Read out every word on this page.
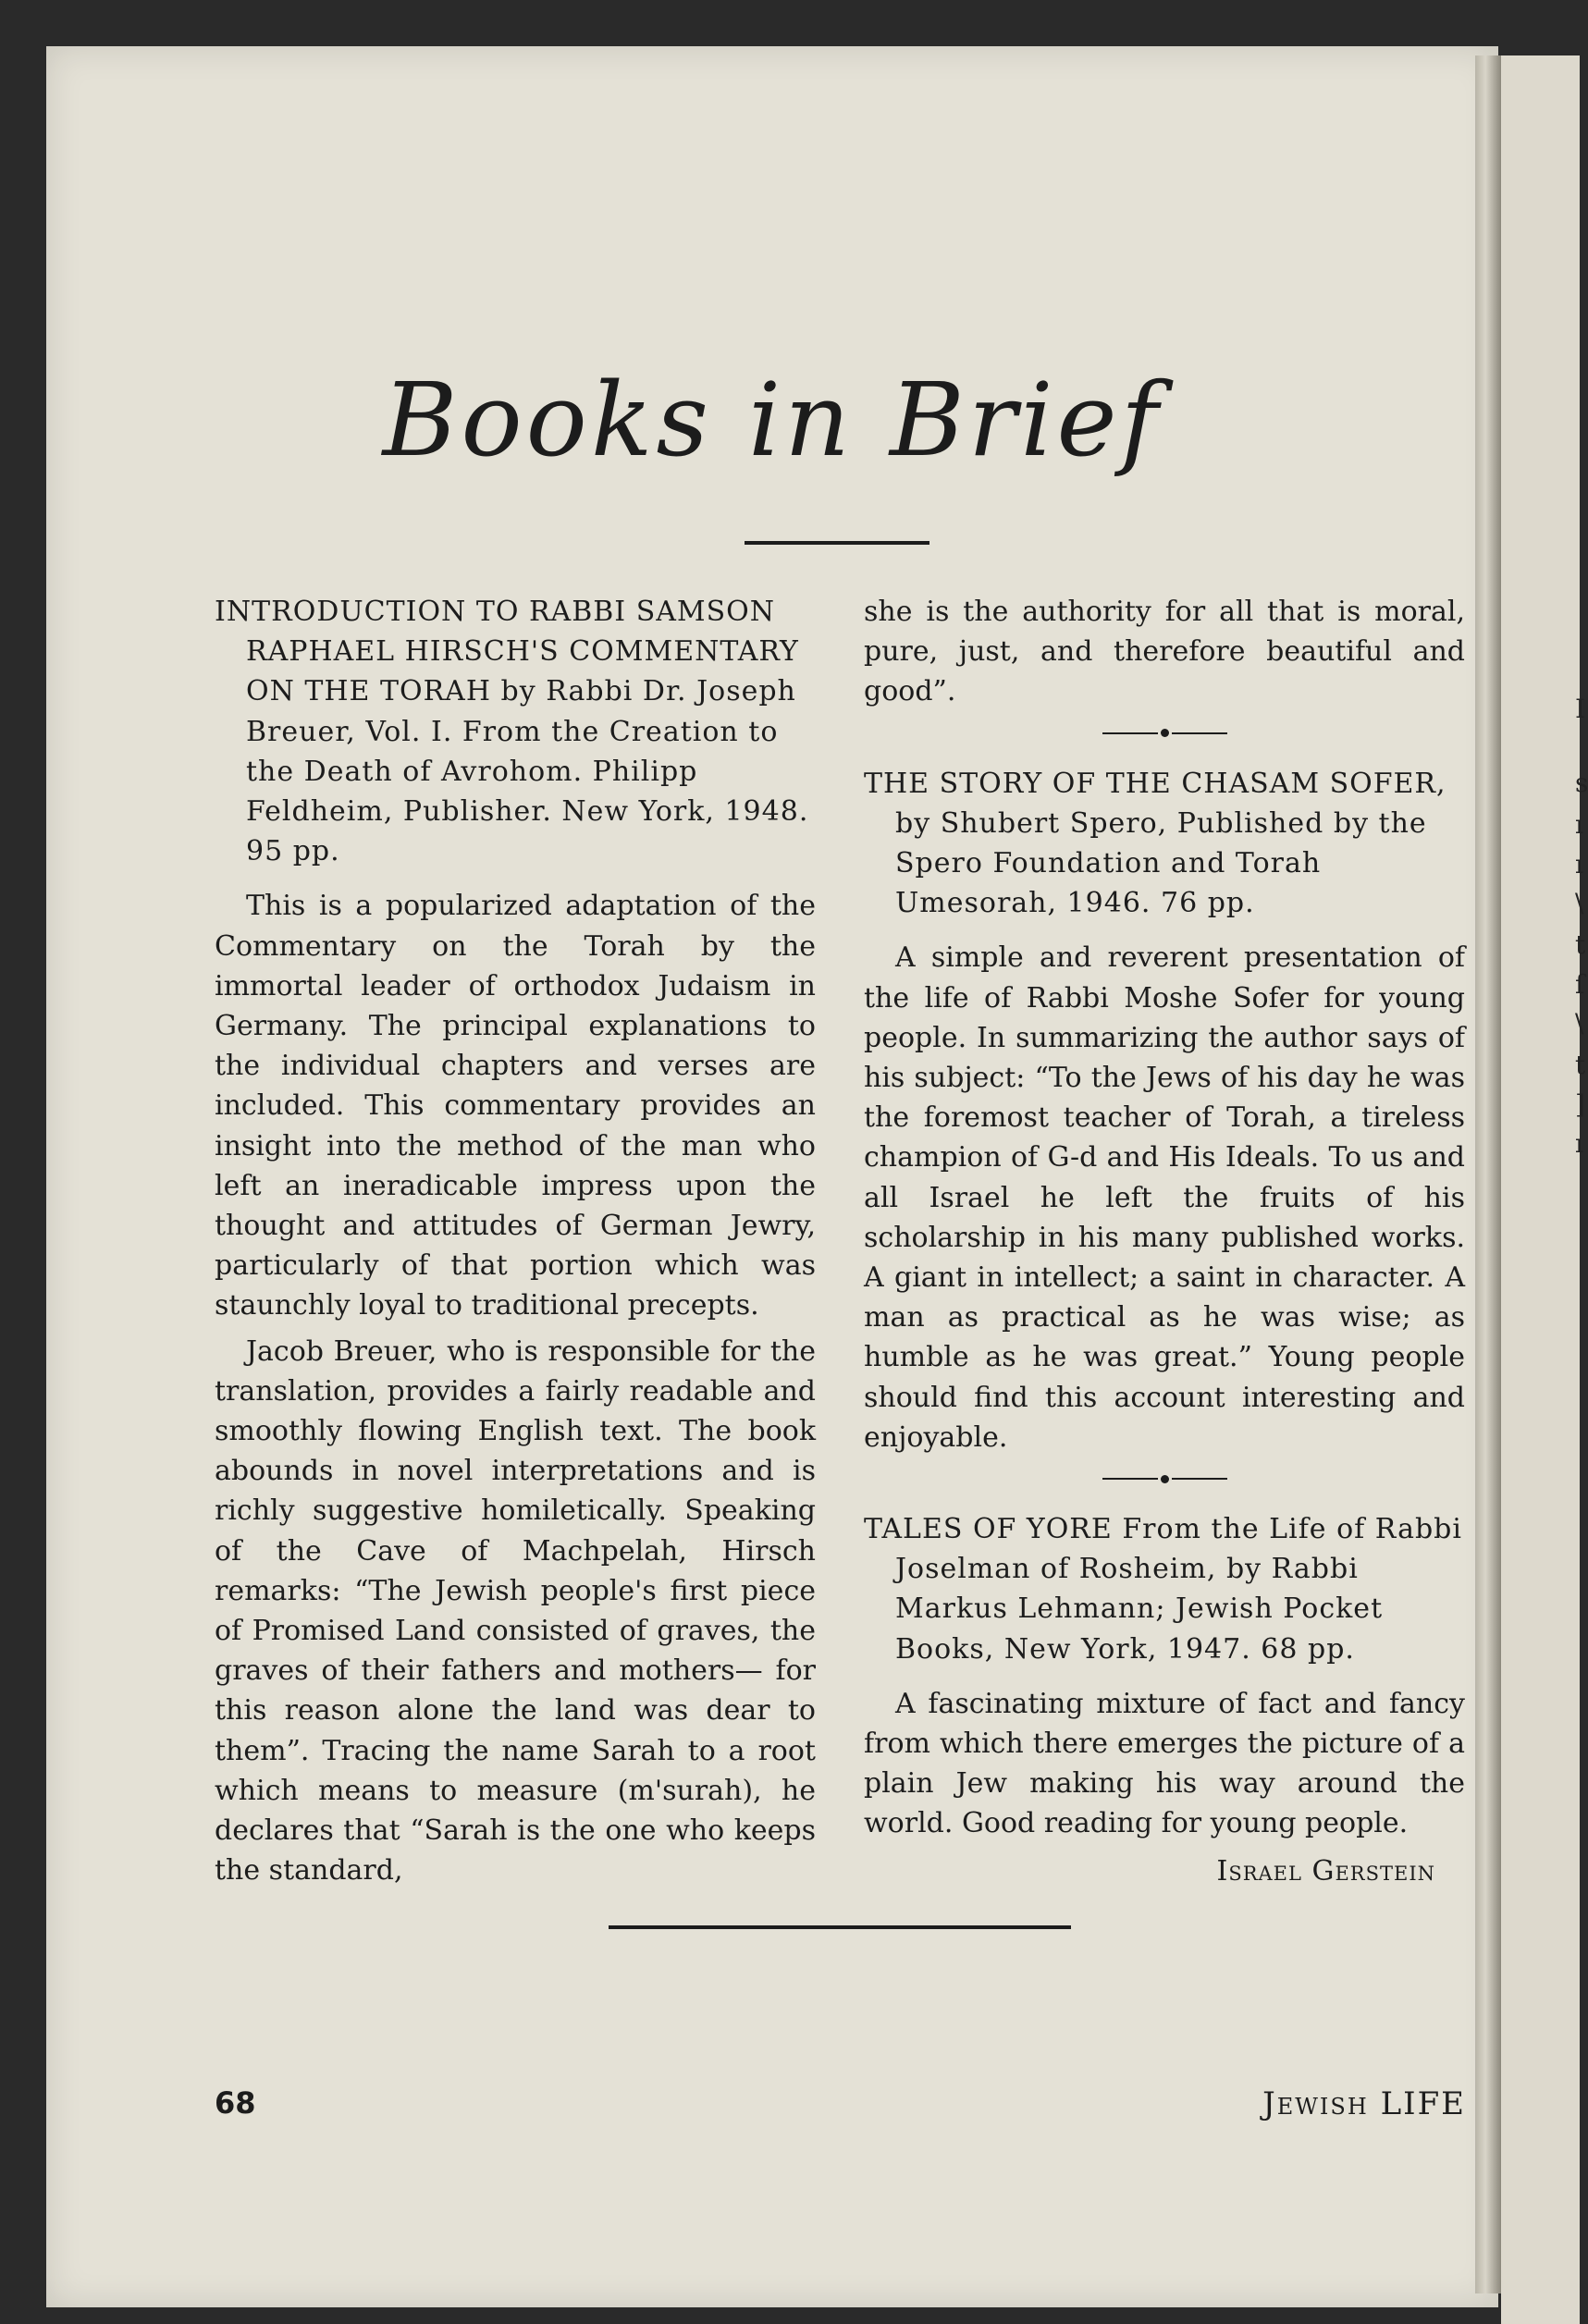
Books in Brief

INTRODUCTION TO RABBI SAMSON RAPHAEL HIRSCH'S COMMENTARY ON THE TORAH by Rabbi Dr. Joseph Breuer, Vol. I. From the Creation to the Death of Avrohom. Philipp Feldheim, Publisher. New York, 1948. 95 pp.

This is a popularized adaptation of the Commentary on the Torah by the immortal leader of orthodox Judaism in Germany. The principal explanations to the individual chapters and verses are included. This commentary provides an insight into the method of the man who left an ineradicable impress upon the thought and attitudes of German Jewry, particularly of that portion which was staunchly loyal to traditional precepts.

Jacob Breuer, who is responsible for the translation, provides a fairly readable and smoothly flowing English text. The book abounds in novel interpretations and is richly suggestive homiletically. Speaking of the Cave of Machpelah, Hirsch remarks: “The Jewish people's first piece of Promised Land consisted of graves, the graves of their fathers and mothers— for this reason alone the land was dear to them”. Tracing the name Sarah to a root which means to measure (m'surah), he declares that “Sarah is the one who keeps the standard,

she is the authority for all that is moral, pure, just, and therefore beautiful and good”.

THE STORY OF THE CHASAM SOFER, by Shubert Spero, Published by the Spero Foundation and Torah Umesorah, 1946. 76 pp.

A simple and reverent presentation of the life of Rabbi Moshe Sofer for young people. In summarizing the author says of his subject: “To the Jews of his day he was the foremost teacher of Torah, a tireless champion of G-d and His Ideals. To us and all Israel he left the fruits of his scholarship in his many published works. A giant in intellect; a saint in character. A man as practical as he was wise; as humble as he was great.” Young people should find this account interesting and enjoyable.

TALES OF YORE From the Life of Rabbi Joselman of Rosheim, by Rabbi Markus Lehmann; Jewish Pocket Books, New York, 1947. 68 pp.

A fascinating mixture of fact and fancy from which there emerges the picture of a plain Jew making his way around the world. Good reading for young people.

Israel Gerstein
68	Jewish LIFE
I
s
ı
ı
\
t
ſ
\
t
]
ı
